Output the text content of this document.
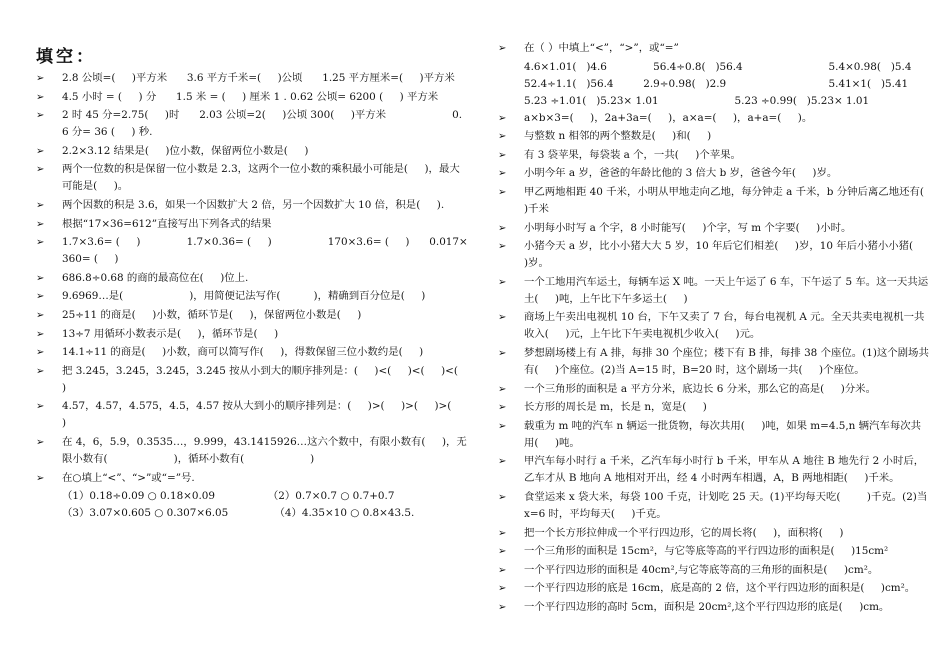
填空：
➢ 2.8 公顷=(     )平方米      3.6 平方千米=(     )公顷      1.25 平方厘米=(     )平方米
➢ 4.5 小时 = (     ) 分      1.5 米 = (     ) 厘米 1 . 0.62 公顷= 6200 (     ) 平方米
➢ 2 时 45 分=2.75(     )时      2.03 公顷=2(     )公顷 300(     )平方米                    0.6 分= 36 (     ) 秒.
➢ 2.2×3.12 结果是(     )位小数，保留两位小数是(     )
➢ 两个一位数的积是保留一位小数是 2.3，这两个一位小数的乘积最小可能是(     )，最大可能是(     )。
➢ 两个因数的积是 3.6，如果一个因数扩大 2 倍，另一个因数扩大 10 倍，积是(     ).
➢ 根据“17×36=612”直接写出下列各式的结果
➢ 1.7×3.6= (     )              1.7×0.36= (     )                 170×3.6= (     )      0.017×360= (     )
➢ 686.8÷0.68 的商的最高位在(     )位上.
➢ 9.6969…是(                    )，用简便记法写作(          )，精确到百分位是(     )
➢ 25÷11 的商是(     )小数，循环节是(     )，保留两位小数是(     )
➢ 13÷7 用循环小数表示是(     )，循环节是(     )
➢ 14.1÷11 的商是(     )小数，商可以简写作(     )，得数保留三位小数约是(     )
➢ 把 3.245，3.245，3.245，3.245 按从小到大的顺序排列是：(     )<(     )<(     )<(     )
➢ 4.57，4.57，4.575，4.5，4.57 按从大到小的顺序排列是：(     )>(     )>(     )>(     )
➢ 在 4，6，5.9，0.3535…，9.999，43.1415926…这六个数中，有限小数有(     )，无限小数有(                    )，循环小数有(                    )
➢ 在○填上“<”、“>”或“=”号.
（1）0.18÷0.09 ○ 0.18×0.09                （2）0.7×0.7 ○ 0.7+0.7
（3）3.07×0.605 ○ 0.307×6.05              （4）4.35×10 ○ 0.8×43.5.
➢ 在（ ）中填上“<”，“>”，或“=”
4.6×1.01(   )4.6              56.4÷0.8(   )56.4                          5.4×0.98(   )5.4
52.4÷1.1(   )56.4         2.9÷0.98(   )2.9                               5.41×1(   )5.41
5.23 ÷1.01(   )5.23× 1.01                       5.23 ÷0.99(   )5.23× 1.01
➢ a×b×3=(     )，2a+3a=(     )，a×a=(     )，a+a=(     )。
➢ 与整数 n 相邻的两个整数是(     )和(     )
➢ 有 3 袋苹果，每袋装 a 个，一共(     )个苹果。
➢ 小明今年 a 岁，爸爸的年龄比他的 3 倍大 b 岁，爸爸今年(     )岁。
➢ 甲乙两地相距 40 千米，小明从甲地走向乙地，每分钟走 a 千米，b 分钟后离乙地还有(     )千米
➢ 小明每小时写 a 个字，8 小时能写(     )个字，写 m 个字要(     )小时。
➢ 小猪今天 a 岁，比小小猪大大 5 岁，10 年后它们相差(     )岁，10 年后小猪小小猪(     )岁。
➢ 一个工地用汽车运土，每辆车运 X 吨。一天上午运了 6 车，下午运了 5 车。这一天共运土(     )吨，上午比下午多运土(     )
➢ 商场上午卖出电视机 10 台，下午又卖了 7 台，每台电视机 A 元。全天共卖电视机一共收入(     )元，上午比下午卖电视机少收入(     )元。
➢ 梦想剧场楼上有 A 排，每排 30 个座位；楼下有 B 排，每排 38 个座位。(1)这个剧场共有(     )个座位。(2)当 A=15 时，B=20 时，这个剧场一共(     )个座位。
➢ 一个三角形的面积是 a 平方分米，底边长 6 分米，那么它的高是(     )分米。
➢ 长方形的周长是 m，长是 n，宽是(     )
➢ 载重为 m 吨的汽车 n 辆运一批货物，每次共用(     )吨，如果 m=4.5,n 辆汽车每次共用(     )吨。
➢ 甲汽车每小时行 a 千米，乙汽车每小时行 b 千米，甲车从 A 地往 B 地先行 2 小时后，乙车才从 B 地向 A 地相对开出，经 4 小时两车相遇，A，B 两地相距(     )千米。
➢ 食堂运来 x 袋大米，每袋 100 千克，计划吃 25 天。(1)平均每天吃(        )千克。(2)当 x=6 时，平均每天(     )千克。
➢ 把一个长方形拉伸成一个平行四边形，它的周长将(     )，面积将(     )
➢ 一个三角形的面积是 15cm²，与它等底等高的平行四边形的面积是(     )15cm²
➢ 一个平行四边形的面积是 40cm²,与它等底等高的三角形的面积是(     )cm²。
➢ 一个平行四边形的底是 16cm，底是高的 2 倍，这个平行四边形的面积是(     )cm²。
➢ 一个平行四边形的高时 5cm，面积是 20cm²,这个平行四边形的底是(     )cm。
